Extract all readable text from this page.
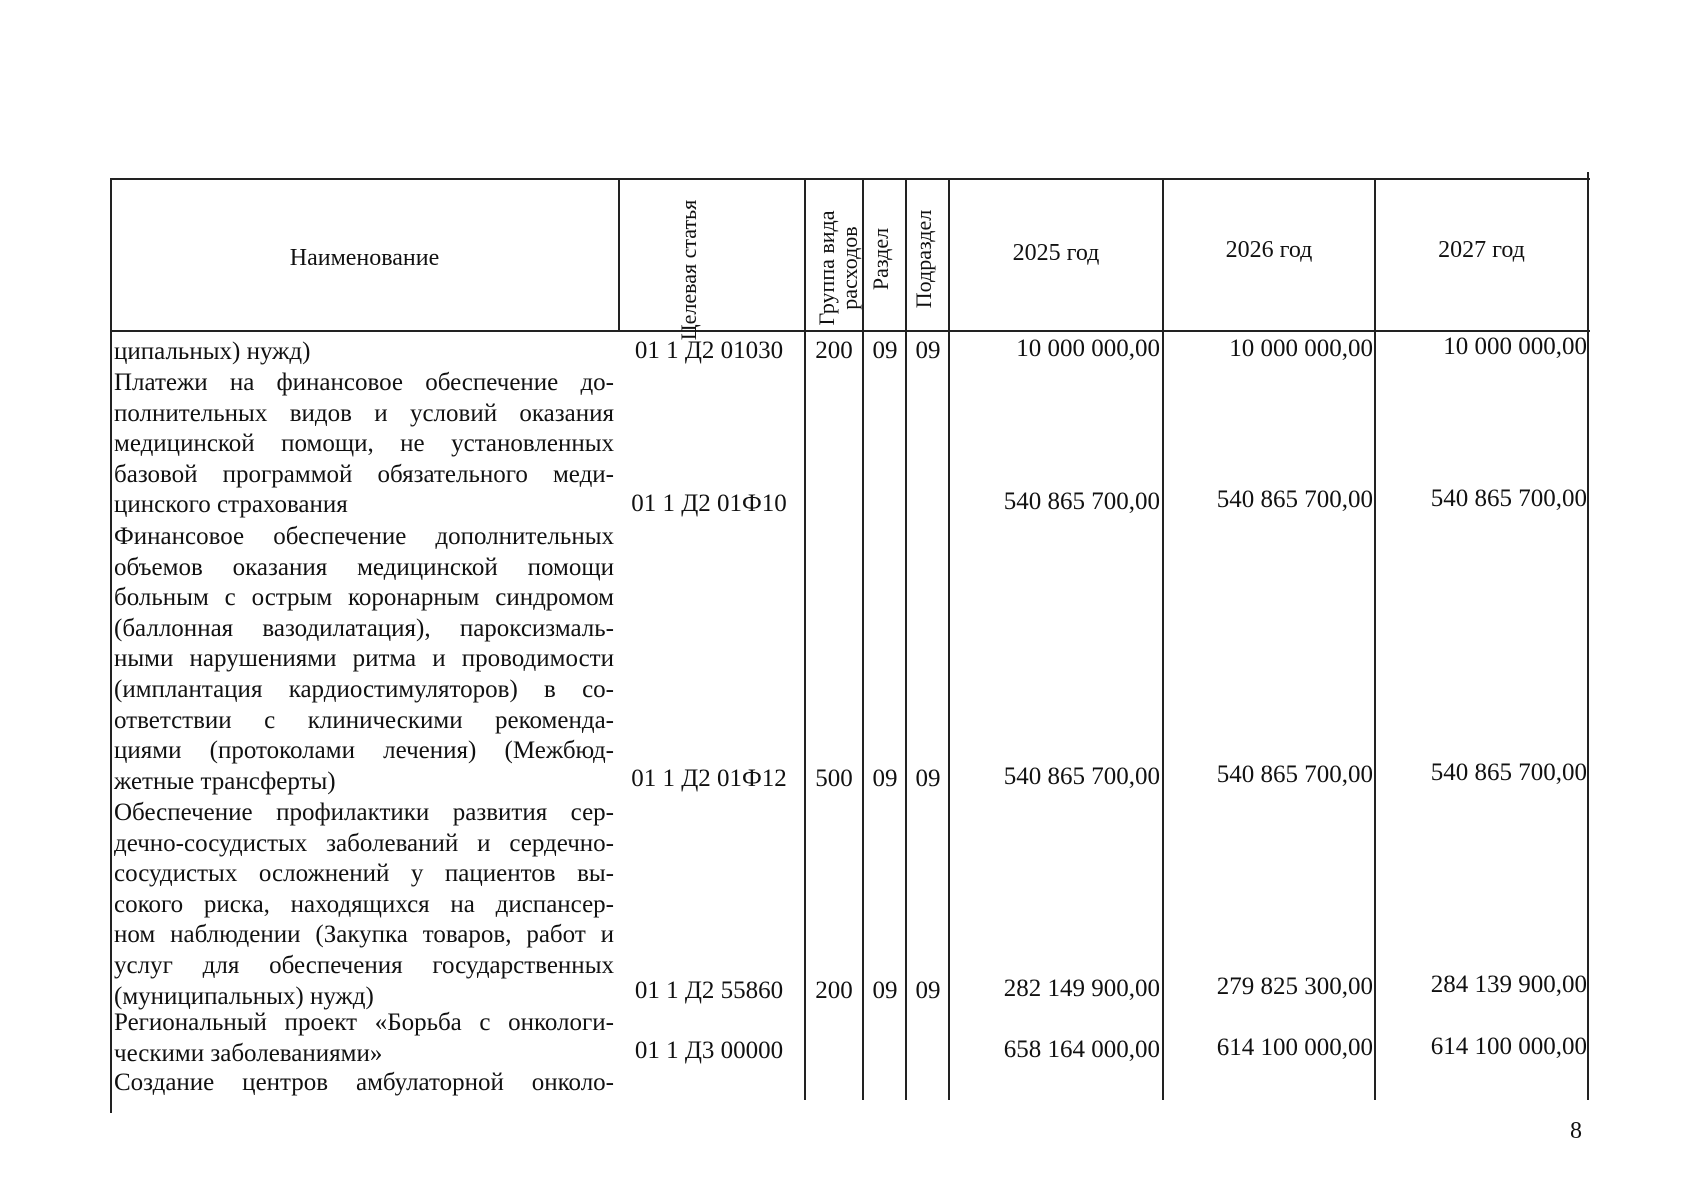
Наименование	Целевая статья	Группа вида расходов Раздел Подраздел	2025 год	2026 год	2027 год
ципальных) нужд)	01 1 Д2 01030	200 09 09	10 000 000,00	10 000 000,00	10 000 000,00
Платежи на финансовое обеспечение до-
полнительных видов и условий оказания
медицинской помощи, не установленных
базовой программой обязательного меди-
цинского страхования	01 1 Д2 01Ф10	540 865 700,00	540 865 700,00	540 865 700,00
Финансовое обеспечение дополнительных
объемов оказания медицинской помощи
больным с острым коронарным синдромом
(баллонная вазодилатация), пароксизмаль-
ными нарушениями ритма и проводимости
(имплантация кардиостимуляторов) в со-
ответствии с клиническими рекоменда-
циями (протоколами лечения) (Межбюд-
жетные трансферты)	01 1 Д2 01Ф12	500 09 09	540 865 700,00	540 865 700,00	540 865 700,00
Обеспечение профилактики развития сер-
дечно-сосудистых заболеваний и сердечно-
сосудистых осложнений у пациентов вы-
сокого риска, находящихся на диспансер-
ном наблюдении (Закупка товаров, работ и
услуг для обеспечения государственных
(муниципальных) нужд)	01 1 Д2 55860	200 09 09	282 149 900,00	279 825 300,00	284 139 900,00
Региональный проект «Борьба с онкологи-
ческими заболеваниями»	01 1 Д3 00000	658 164 000,00	614 100 000,00	614 100 000,00
Создание центров амбулаторной онколо-
8
